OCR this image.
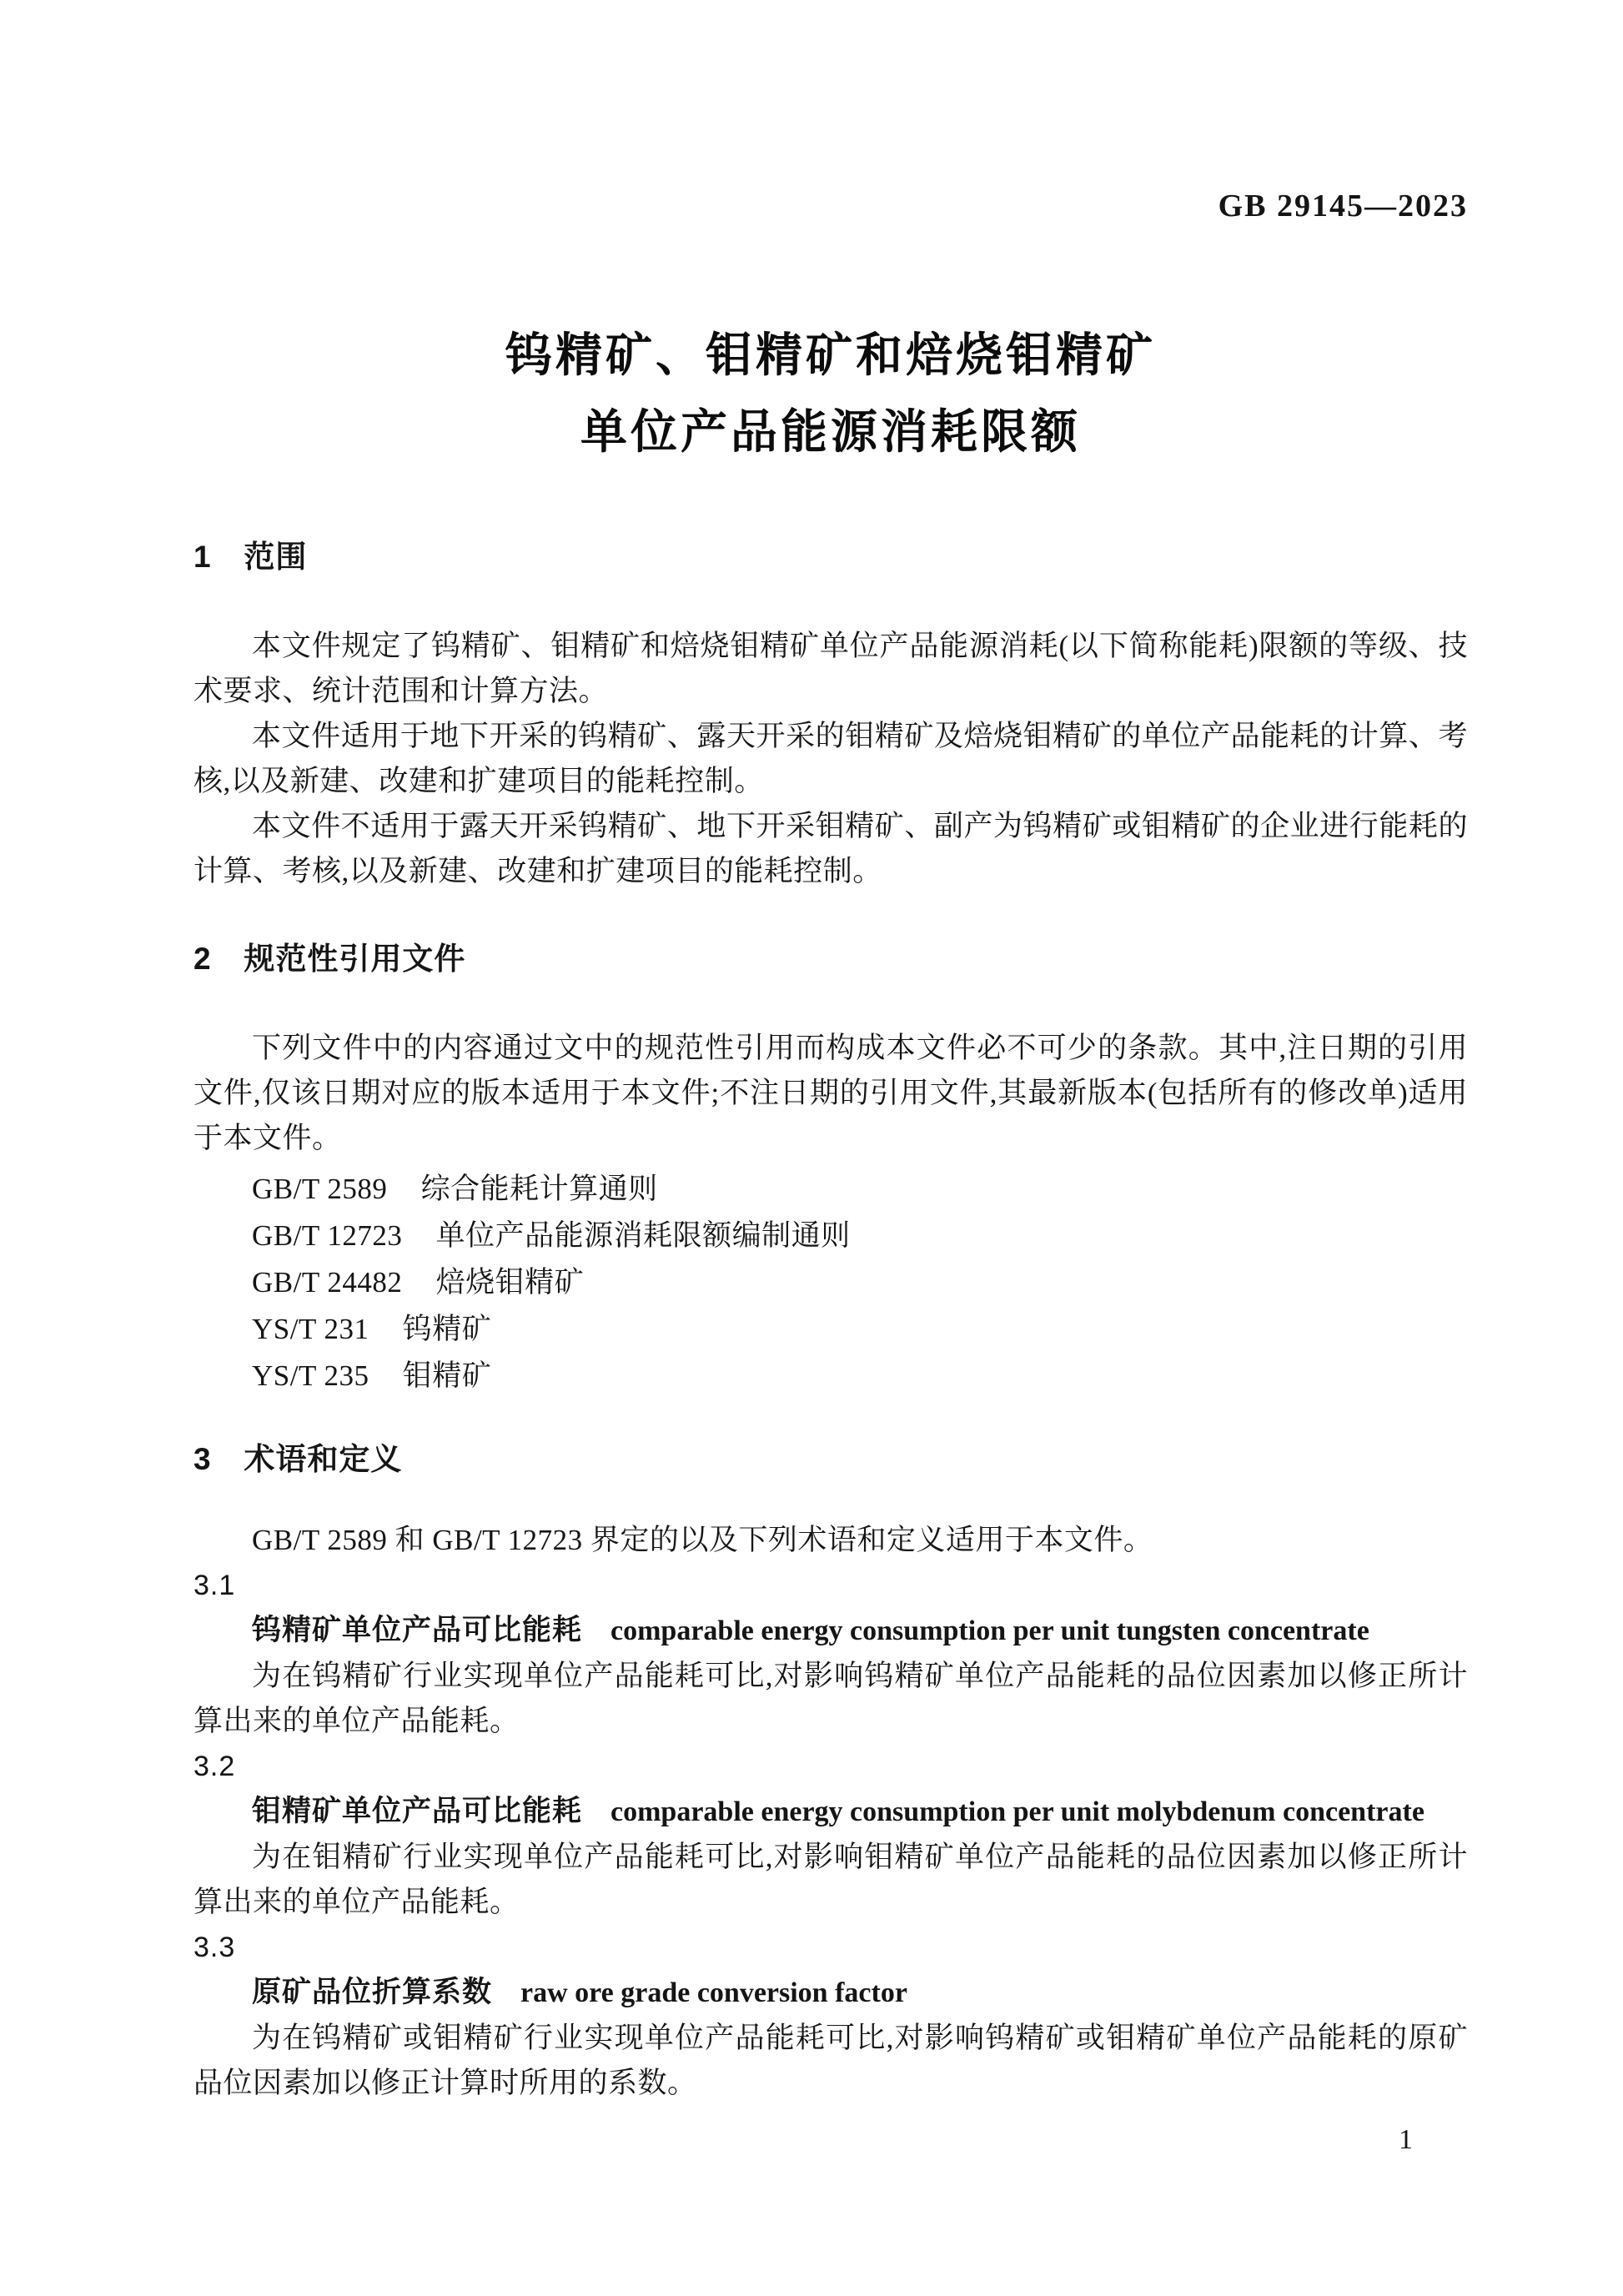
GB 29145—2023
钨精矿、钼精矿和焙烧钼精矿
单位产品能源消耗限额
1 范围

本文件规定了钨精矿、钼精矿和焙烧钼精矿单位产品能源消耗(以下简称能耗)限额的等级、技术要求、统计范围和计算方法。

本文件适用于地下开采的钨精矿、露天开采的钼精矿及焙烧钼精矿的单位产品能耗的计算、考核,以及新建、改建和扩建项目的能耗控制。

本文件不适用于露天开采钨精矿、地下开采钼精矿、副产为钨精矿或钼精矿的企业进行能耗的计算、考核,以及新建、改建和扩建项目的能耗控制。

2 规范性引用文件

下列文件中的内容通过文中的规范性引用而构成本文件必不可少的条款。其中,注日期的引用文件,仅该日期对应的版本适用于本文件;不注日期的引用文件,其最新版本(包括所有的修改单)适用于本文件。

GB/T 2589 综合能耗计算通则
GB/T 12723 单位产品能源消耗限额编制通则
GB/T 24482 焙烧钼精矿
YS/T 231 钨精矿
YS/T 235 钼精矿
3 术语和定义

GB/T 2589 和 GB/T 12723 界定的以及下列术语和定义适用于本文件。

3.1
钨精矿单位产品可比能耗 comparable energy consumption per unit tungsten concentrate

为在钨精矿行业实现单位产品能耗可比,对影响钨精矿单位产品能耗的品位因素加以修正所计算出来的单位产品能耗。

3.2
钼精矿单位产品可比能耗 comparable energy consumption per unit molybdenum concentrate

为在钼精矿行业实现单位产品能耗可比,对影响钼精矿单位产品能耗的品位因素加以修正所计算出来的单位产品能耗。

3.3
原矿品位折算系数 raw ore grade conversion factor

为在钨精矿或钼精矿行业实现单位产品能耗可比,对影响钨精矿或钼精矿单位产品能耗的原矿品位因素加以修正计算时所用的系数。

1
